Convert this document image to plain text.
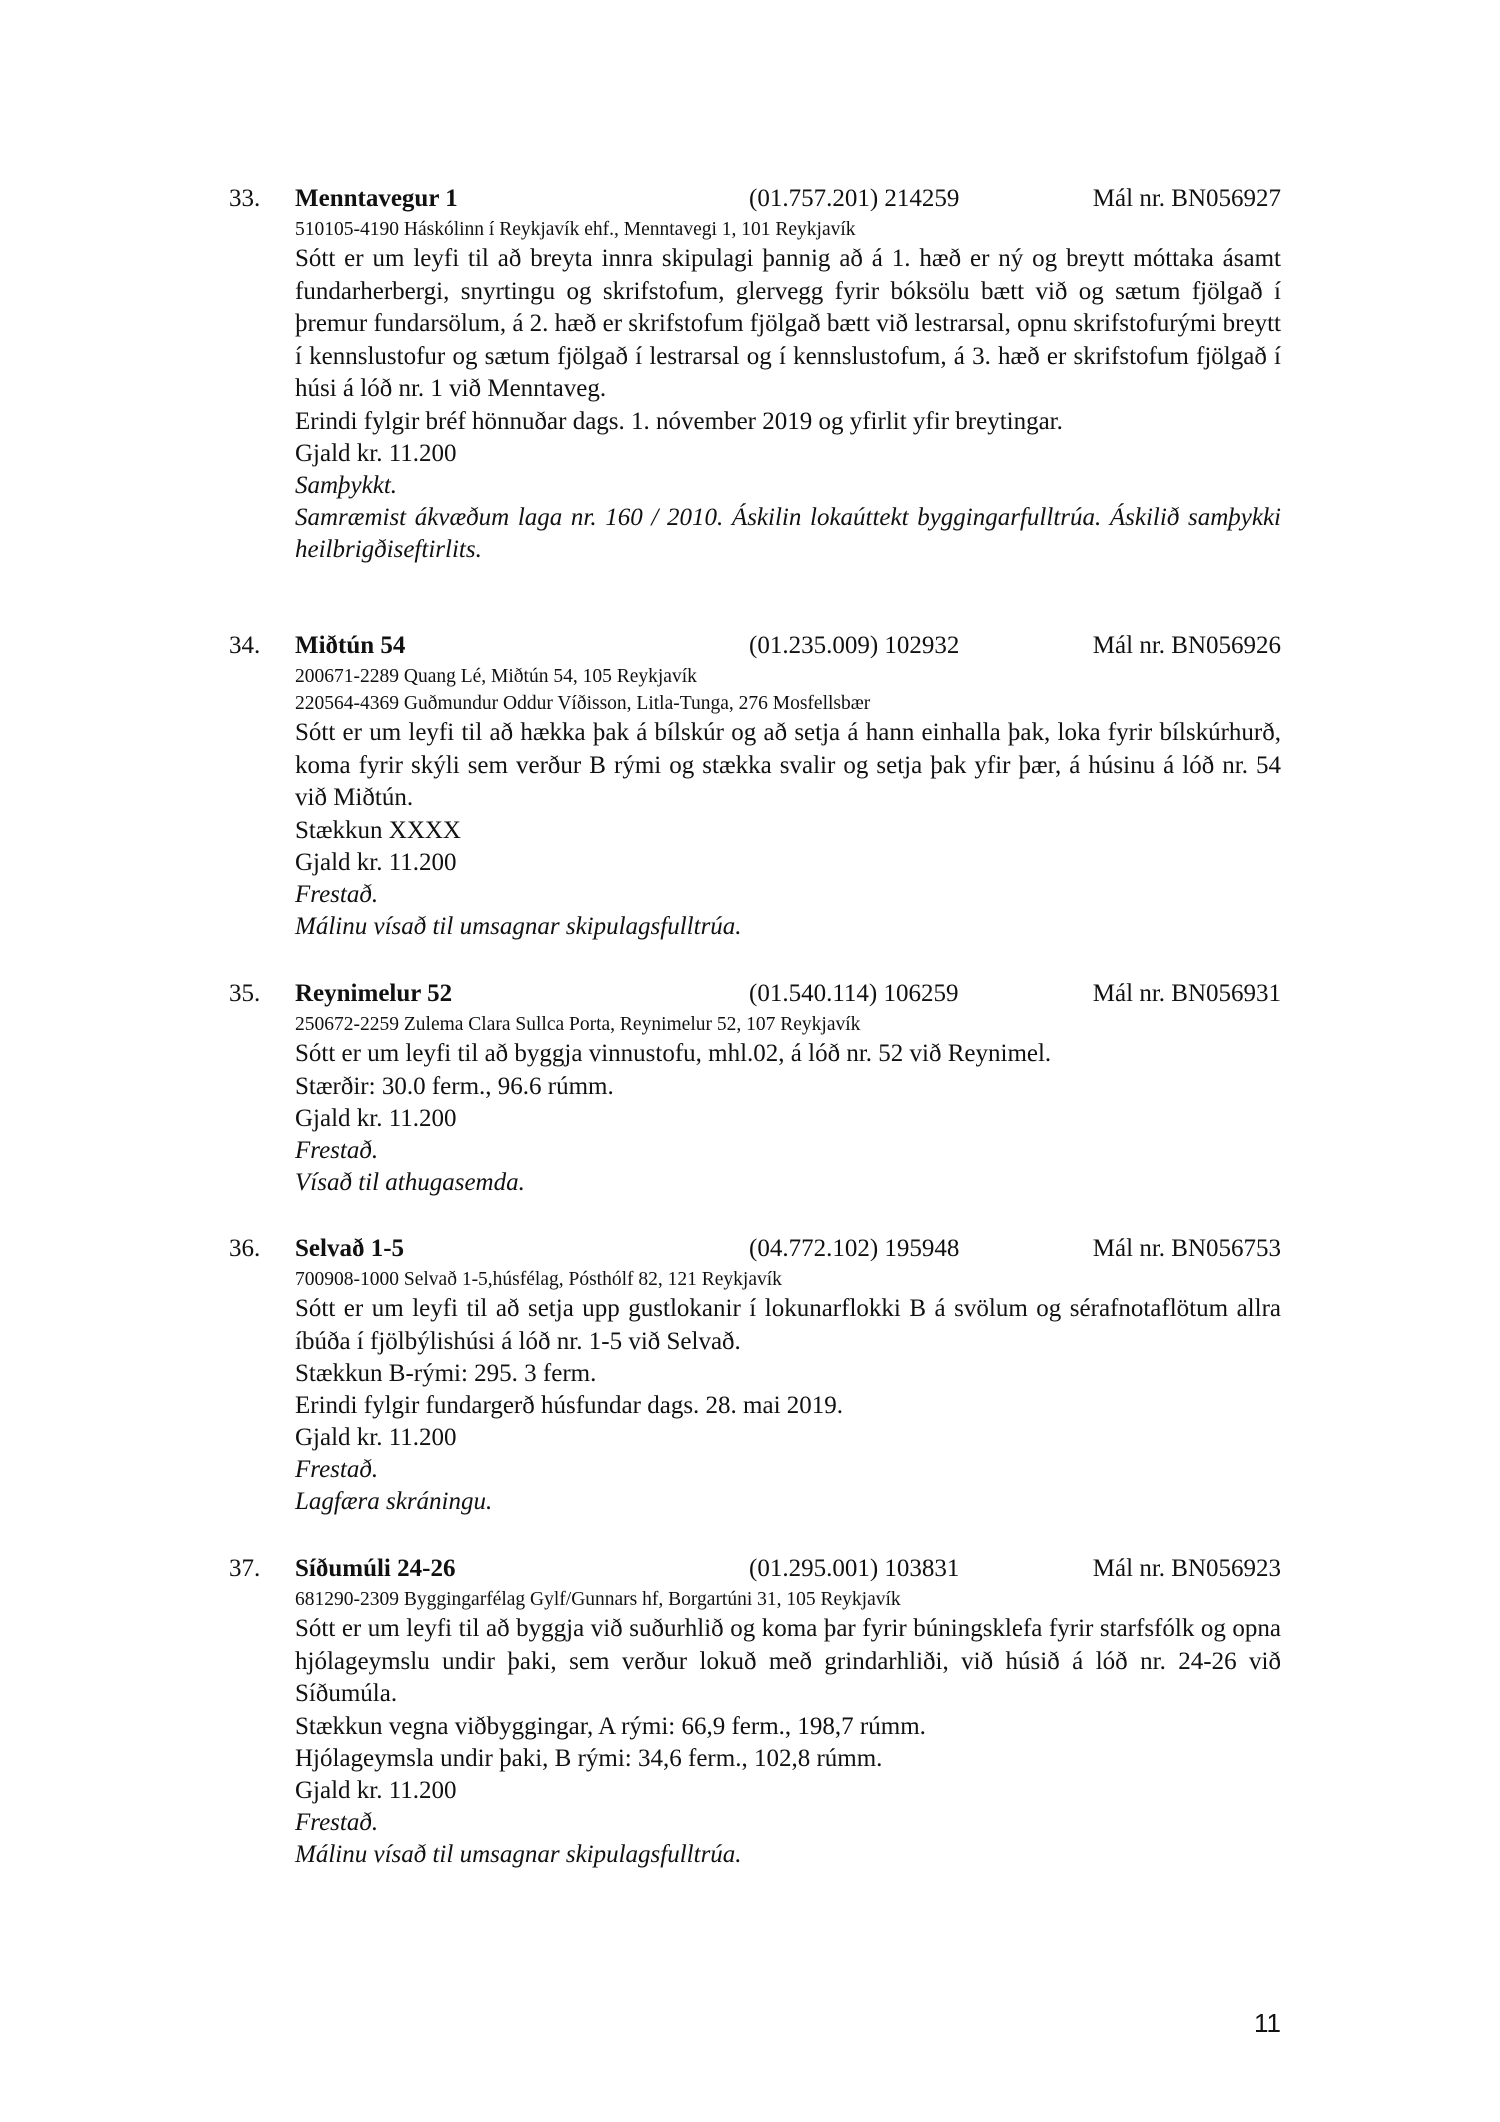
33. Menntavegur 1	(01.757.201) 214259	Mál nr. BN056927
510105-4190 Háskólinn í Reykjavík ehf., Menntavegi 1, 101 Reykjavík
Sótt er um leyfi til að breyta innra skipulagi þannig að á 1. hæð er ný og breytt móttaka ásamt fundarherbergi, snyrtingu og skrifstofum, glervegg fyrir bóksölu bætt við og sætum fjölgað í þremur fundarsölum, á 2. hæð er skrifstofum fjölgað bætt við lestrarsal, opnu skrifstofurými breytt í kennslustofur og sætum fjölgað í lestrarsal og í kennslustofum, á 3. hæð er skrifstofum fjölgað í húsi á lóð nr. 1 við Menntaveg.
Erindi fylgir bréf hönnuðar dags. 1. nóvember 2019 og yfirlit yfir breytingar.
Gjald kr. 11.200
Samþykkt.
Samræmist ákvæðum laga nr. 160 / 2010. Áskilin lokaúttekt byggingarfulltrúa. Áskilið samþykki heilbrigðiseftirlits.
34. Miðtún 54	(01.235.009) 102932	Mál nr. BN056926
200671-2289 Quang Lé, Miðtún 54, 105 Reykjavík
220564-4369 Guðmundur Oddur Víðisson, Litla-Tunga, 276 Mosfellsbær
Sótt er um leyfi til að hækka þak á bílskúr og að setja á hann einhalla þak, loka fyrir bílskúrhurð, koma fyrir skýli sem verður B rými og stækka svalir og setja þak yfir þær, á húsinu á lóð nr. 54 við Miðtún.
Stækkun XXXX
Gjald kr. 11.200
Frestað.
Málinu vísað til umsagnar skipulagsfulltrúa.
35. Reynimelur 52	(01.540.114) 106259	Mál nr. BN056931
250672-2259 Zulema Clara Sullca Porta, Reynimelur 52, 107 Reykjavík
Sótt er um leyfi til að byggja vinnustofu, mhl.02, á lóð nr. 52 við Reynimel.
Stærðir: 30.0 ferm., 96.6 rúmm.
Gjald kr. 11.200
Frestað.
Vísað til athugasemda.
36. Selvað 1-5	(04.772.102) 195948	Mál nr. BN056753
700908-1000 Selvað 1-5,húsfélag, Pósthólf 82, 121 Reykjavík
Sótt er um leyfi til að setja upp gustlokanir í lokunarflokki B á svölum og sérafnotaflötum allra íbúða í fjölbýlishúsi á lóð nr. 1-5 við Selvað.
Stækkun B-rými: 295. 3 ferm.
Erindi fylgir fundargerð húsfundar dags. 28. mai 2019.
Gjald kr. 11.200
Frestað.
Lagfæra skráningu.
37. Síðumúli 24-26	(01.295.001) 103831	Mál nr. BN056923
681290-2309 Byggingarfélag Gylf/Gunnars hf, Borgartúni 31, 105 Reykjavík
Sótt er um leyfi til að byggja við suðurhlið og koma þar fyrir búningsklefa fyrir starfsfólk og opna hjólageymslu undir þaki, sem verður lokuð með grindarhliði, við húsið á lóð nr. 24-26 við Síðumúla.
Stækkun vegna viðbyggingar, A rými: 66,9 ferm., 198,7 rúmm.
Hjólageymsla undir þaki, B rými: 34,6 ferm., 102,8 rúmm.
Gjald kr. 11.200
Frestað.
Málinu vísað til umsagnar skipulagsfulltrúa.
11
